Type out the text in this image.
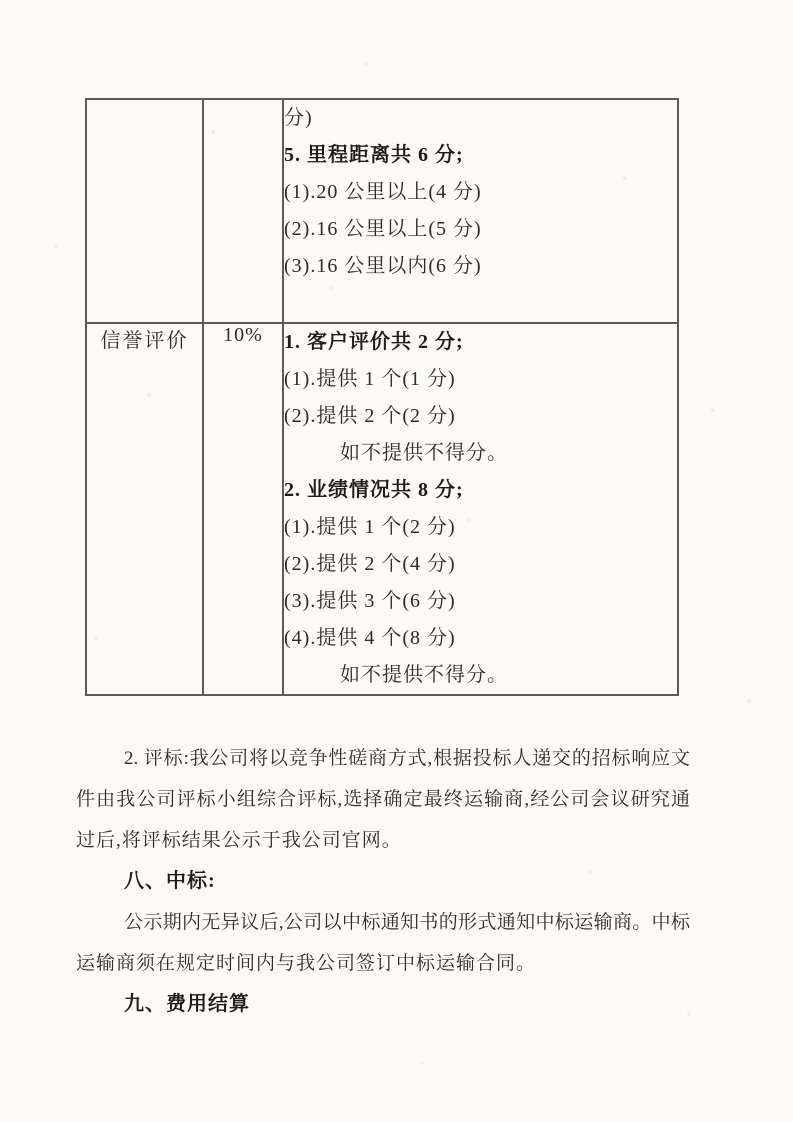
		分)
5. 里程距离共 6 分;
(1).20 公里以上(4 分)
(2).16 公里以上(5 分)
(3).16 公里以内(6 分)

信誉评价	10%	1. 客户评价共 2 分;
(1).提供 1 个(1 分)
(2).提供 2 个(2 分)
如不提供不得分。
2. 业绩情况共 8 分;
(1).提供 1 个(2 分)
(2).提供 2 个(4 分)
(3).提供 3 个(6 分)
(4).提供 4 个(8 分)
如不提供不得分。
2. 评标:我公司将以竞争性磋商方式,根据投标人递交的招标响应文
件由我公司评标小组综合评标,选择确定最终运输商,经公司会议研究通
过后,将评标结果公示于我公司官网。
八、中标:
公示期内无异议后,公司以中标通知书的形式通知中标运输商。中标
运输商须在规定时间内与我公司签订中标运输合同。
九、费用结算
